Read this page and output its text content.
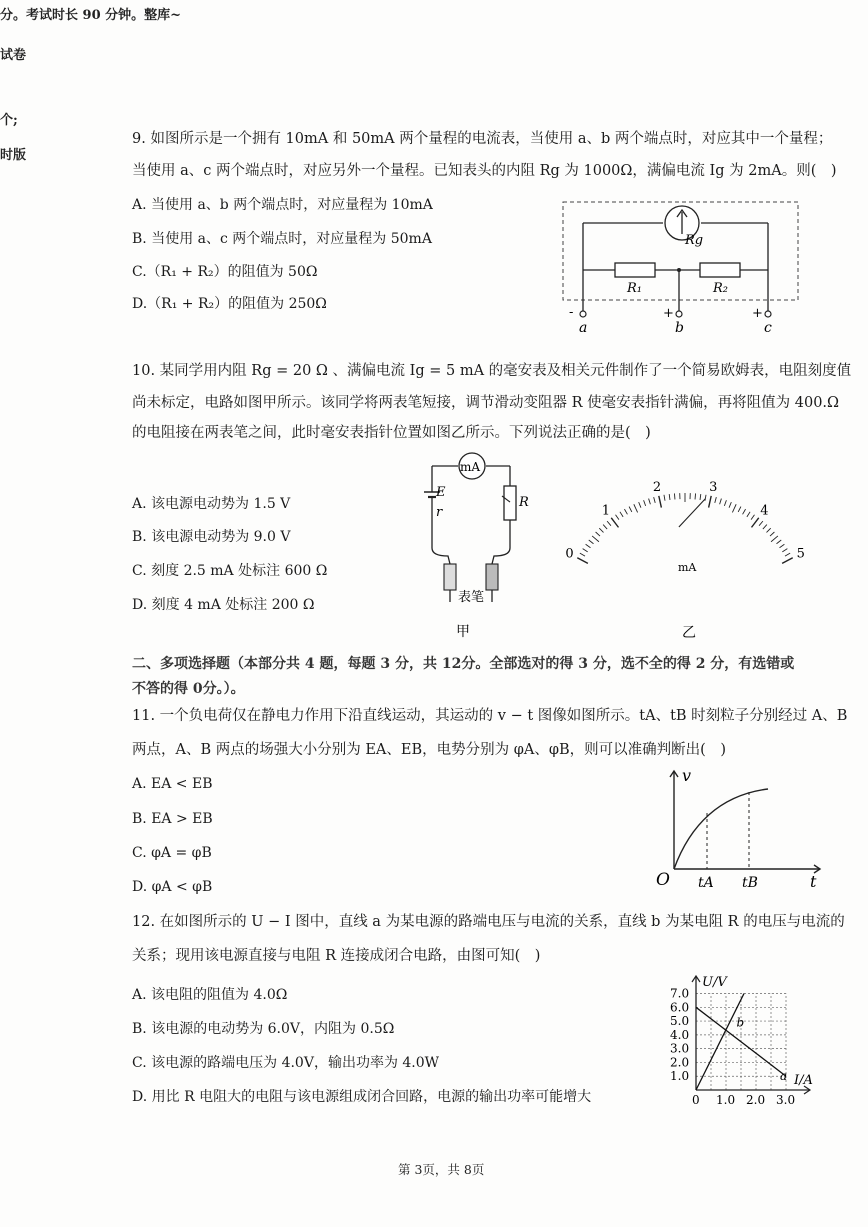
分。考试时长 90 分钟。整库~
试卷
个;
时版
9. 如图所示是一个拥有 10mA 和 50mA 两个量程的电流表，当使用 a、b 两个端点时，对应其中一个量程；
当使用 a、c 两个端点时，对应另外一个量程。已知表头的内阻 Rg 为 1000Ω，满偏电流 Ig 为 2mA。则(　)
A. 当使用 a、b 两个端点时，对应量程为 10mA
B. 当使用 a、c 两个端点时，对应量程为 50mA
C.（R₁ + R₂）的阻值为 50Ω
D.（R₁ + R₂）的阻值为 250Ω
Rg
R₁	R₂
-	+	+
a	b	c
10. 某同学用内阻 Rg = 20 Ω 、满偏电流 Ig = 5 mA 的毫安表及相关元件制作了一个简易欧姆表，电阻刻度值
尚未标定，电路如图甲所示。该同学将两表笔短接，调节滑动变阻器 R 使毫安表指针满偏，再将阻值为 400.Ω
的电阻接在两表笔之间，此时毫安表指针位置如图乙所示。下列说法正确的是(　)
A. 该电源电动势为 1.5 V
B. 该电源电动势为 9.0 V
C. 刻度 2.5 mA 处标注 600 Ω
D. 刻度 4 mA 处标注 200 Ω
mA
E
r
R
表笔
甲
0
1
2	3
4
5
mA
乙
二、多项选择题（本部分共 4 题，每题 3 分，共 12分。全部选对的得 3 分，选不全的得 2 分，有选错或
不答的得 0分。）。
11. 一个负电荷仅在静电力作用下沿直线运动，其运动的 v − t 图像如图所示。tA、tB 时刻粒子分别经过 A、B
两点，A、B 两点的场强大小分别为 EA、EB，电势分别为 φA、φB，则可以准确判断出(　)
A. EA < EB
B. EA > EB
C. φA = φB
D. φA < φB
v
O tA tB	t
12. 在如图所示的 U − I 图中，直线 a 为某电源的路端电压与电流的关系，直线 b 为某电阻 R 的电压与电流的
关系；现用该电源直接与电阻 R 连接成闭合电路，由图可知(　)
A. 该电阻的阻值为 4.0Ω
B. 该电源的电动势为 6.0V，内阻为 0.5Ω
C. 该电源的路端电压为 4.0V，输出功率为 4.0W
D. 用比 R 电阻大的电阻与该电源组成闭合回路，电源的输出功率可能增大
1.0
2.0
3.0
4.0
5.0
6.0
7.0
0 1.0 2.0 3.0
U/V
I/A
a
b
第 3页，共 8页
